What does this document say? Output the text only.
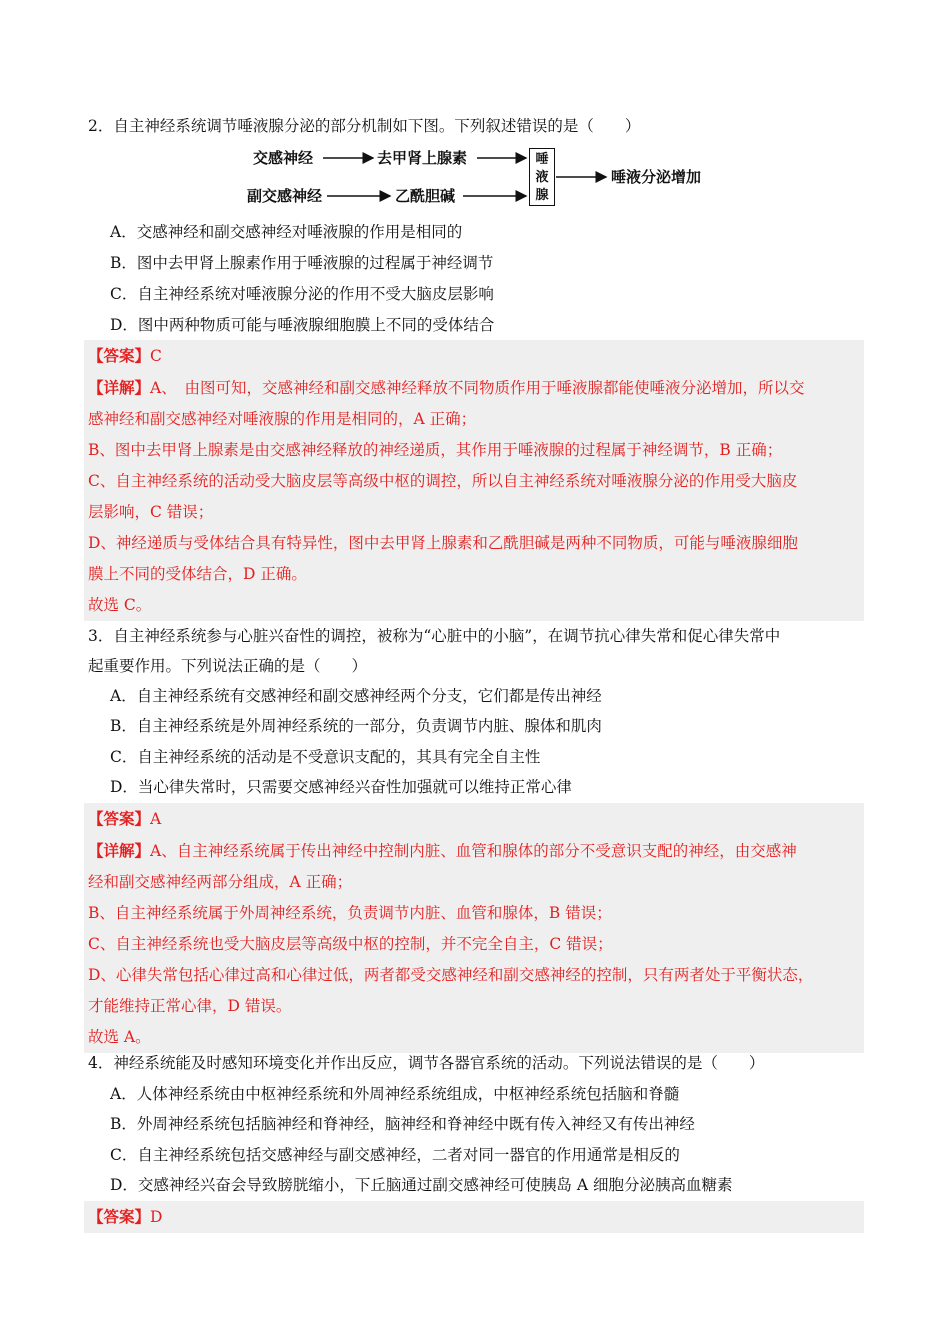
2．自主神经系统调节唾液腺分泌的部分机制如下图。下列叙述错误的是（　　）
交感神经	去甲肾上腺素
副交感神经	乙酰胆碱
唾液腺
唾液分泌增加
A．交感神经和副交感神经对唾液腺的作用是相同的
B．图中去甲肾上腺素作用于唾液腺的过程属于神经调节
C．自主神经系统对唾液腺分泌的作用不受大脑皮层影响
D．图中两种物质可能与唾液腺细胞膜上不同的受体结合

【答案】C

【详解】A、　由图可知，交感神经和副交感神经释放不同物质作用于唾液腺都能使唾液分泌增加，所以交

感神经和副交感神经对唾液腺的作用是相同的，A 正确；

B、图中去甲肾上腺素是由交感神经释放的神经递质，其作用于唾液腺的过程属于神经调节，B 正确；

C、自主神经系统的活动受大脑皮层等高级中枢的调控，所以自主神经系统对唾液腺分泌的作用受大脑皮

层影响，C 错误；

D、神经递质与受体结合具有特异性，图中去甲肾上腺素和乙酰胆碱是两种不同物质，可能与唾液腺细胞

膜上不同的受体结合，D 正确。

故选 C。

3．自主神经系统参与心脏兴奋性的调控，被称为“心脏中的小脑”，在调节抗心律失常和促心律失常中
起重要作用。下列说法正确的是（　　）
A．自主神经系统有交感神经和副交感神经两个分支，它们都是传出神经
B．自主神经系统是外周神经系统的一部分，负责调节内脏、腺体和肌肉
C．自主神经系统的活动是不受意识支配的，其具有完全自主性
D．当心律失常时，只需要交感神经兴奋性加强就可以维持正常心律

【答案】A

【详解】A、自主神经系统属于传出神经中控制内脏、血管和腺体的部分不受意识支配的神经，由交感神

经和副交感神经两部分组成，A 正确；

B、自主神经系统属于外周神经系统，负责调节内脏、血管和腺体，B 错误；

C、自主神经系统也受大脑皮层等高级中枢的控制，并不完全自主，C 错误；

D、心律失常包括心律过高和心律过低，两者都受交感神经和副交感神经的控制，只有两者处于平衡状态，

才能维持正常心律，D 错误。

故选 A。

4．神经系统能及时感知环境变化并作出反应，调节各器官系统的活动。下列说法错误的是（　　）
A．人体神经系统由中枢神经系统和外周神经系统组成，中枢神经系统包括脑和脊髓
B．外周神经系统包括脑神经和脊神经，脑神经和脊神经中既有传入神经又有传出神经
C．自主神经系统包括交感神经与副交感神经，二者对同一器官的作用通常是相反的
D．交感神经兴奋会导致膀胱缩小，下丘脑通过副交感神经可使胰岛 A 细胞分泌胰高血糖素

【答案】D
